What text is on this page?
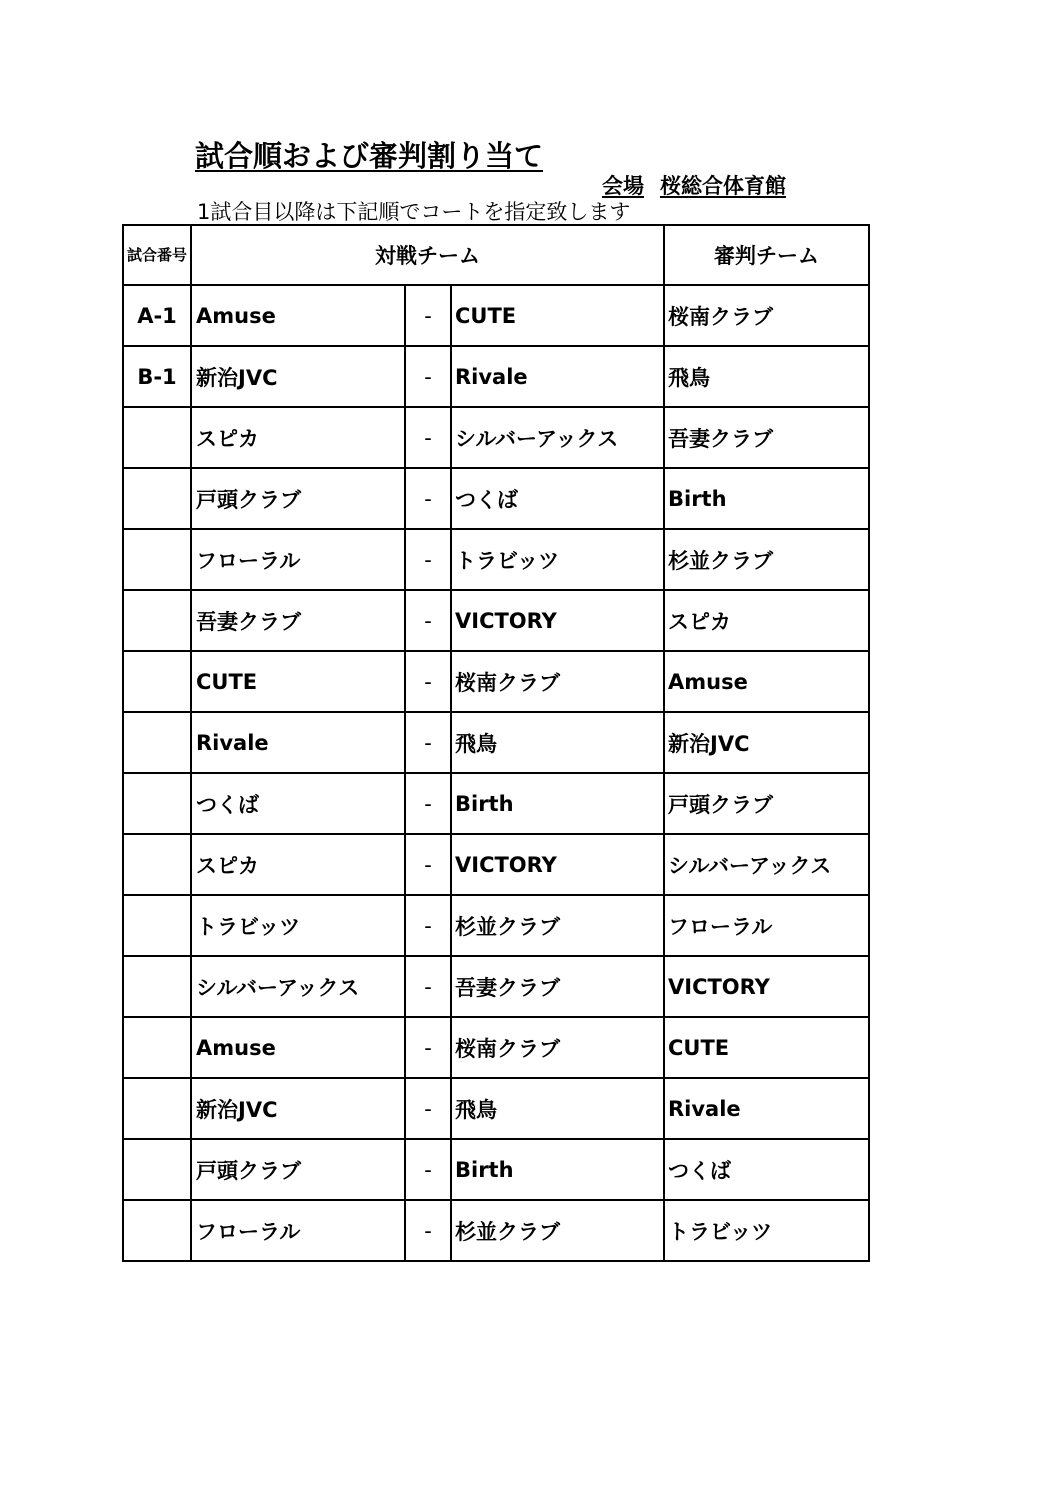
試合順および審判割り当て
会場 桜総合体育館
1試合目以降は下記順でコートを指定致します
試合番号	対戦チーム			審判チーム
A-1	Amuse	-	CUTE	桜南クラブ
B-1	新治JVC	-	Rivale	飛鳥
	スピカ	-	シルバーアックス	吾妻クラブ
	戸頭クラブ	-	つくば	Birth
	フローラル	-	トラビッツ	杉並クラブ
	吾妻クラブ	-	VICTORY	スピカ
	CUTE	-	桜南クラブ	Amuse
	Rivale	-	飛鳥	新治JVC
	つくば	-	Birth	戸頭クラブ
	スピカ	-	VICTORY	シルバーアックス
	トラビッツ	-	杉並クラブ	フローラル
	シルバーアックス	-	吾妻クラブ	VICTORY
	Amuse	-	桜南クラブ	CUTE
	新治JVC	-	飛鳥	Rivale
	戸頭クラブ	-	Birth	つくば
	フローラル	-	杉並クラブ	トラビッツ
